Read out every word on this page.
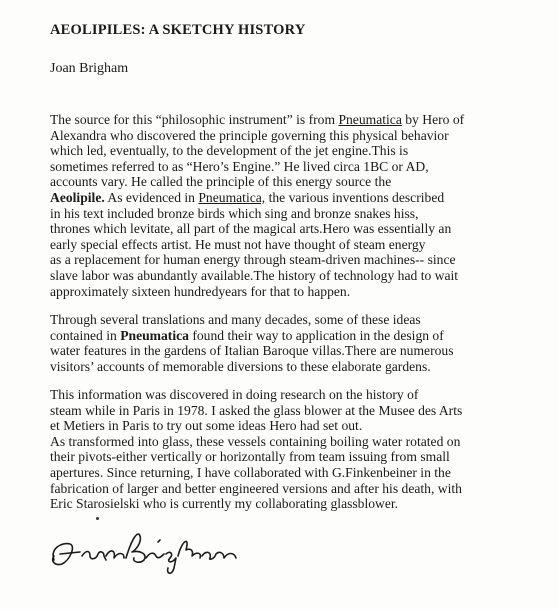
AEOLIPILES: A SKETCHY HISTORY
Joan Brigham
The source for this “philosophic instrument” is from Pneumatica by Hero of
Alexandra who discovered the principle governing this physical behavior
which led, eventually, to the development of the jet engine.This is
sometimes referred to as “Hero’s Engine.” He lived circa 1BC or AD,
accounts vary. He called the principle of this energy source the
Aeolipile. As evidenced in Pneumatica, the various inventions described
in his text included bronze birds which sing and bronze snakes hiss,
thrones which levitate, all part of the magical arts.Hero was essentially an
early special effects artist. He must not have thought of steam energy
as a replacement for human energy through steam-driven machines-- since
slave labor was abundantly available.The history of technology had to wait
approximately sixteen hundredyears for that to happen.
Through several translations and many decades, some of these ideas
contained in Pneumatica found their way to application in the design of
water features in the gardens of Italian Baroque villas.There are numerous
visitors’ accounts of memorable diversions to these elaborate gardens.
This information was discovered in doing research on the history of
steam while in Paris in 1978. I asked the glass blower at the Musee des Arts
et Metiers in Paris to try out some ideas Hero had set out.
As transformed into glass, these vessels containing boiling water rotated on
their pivots-either vertically or horizontally from team issuing from small
apertures. Since returning, I have collaborated with G.Finkenbeiner in the
fabrication of larger and better engineered versions and after his death, with
Eric Starosielski who is currently my collaborating glassblower.
